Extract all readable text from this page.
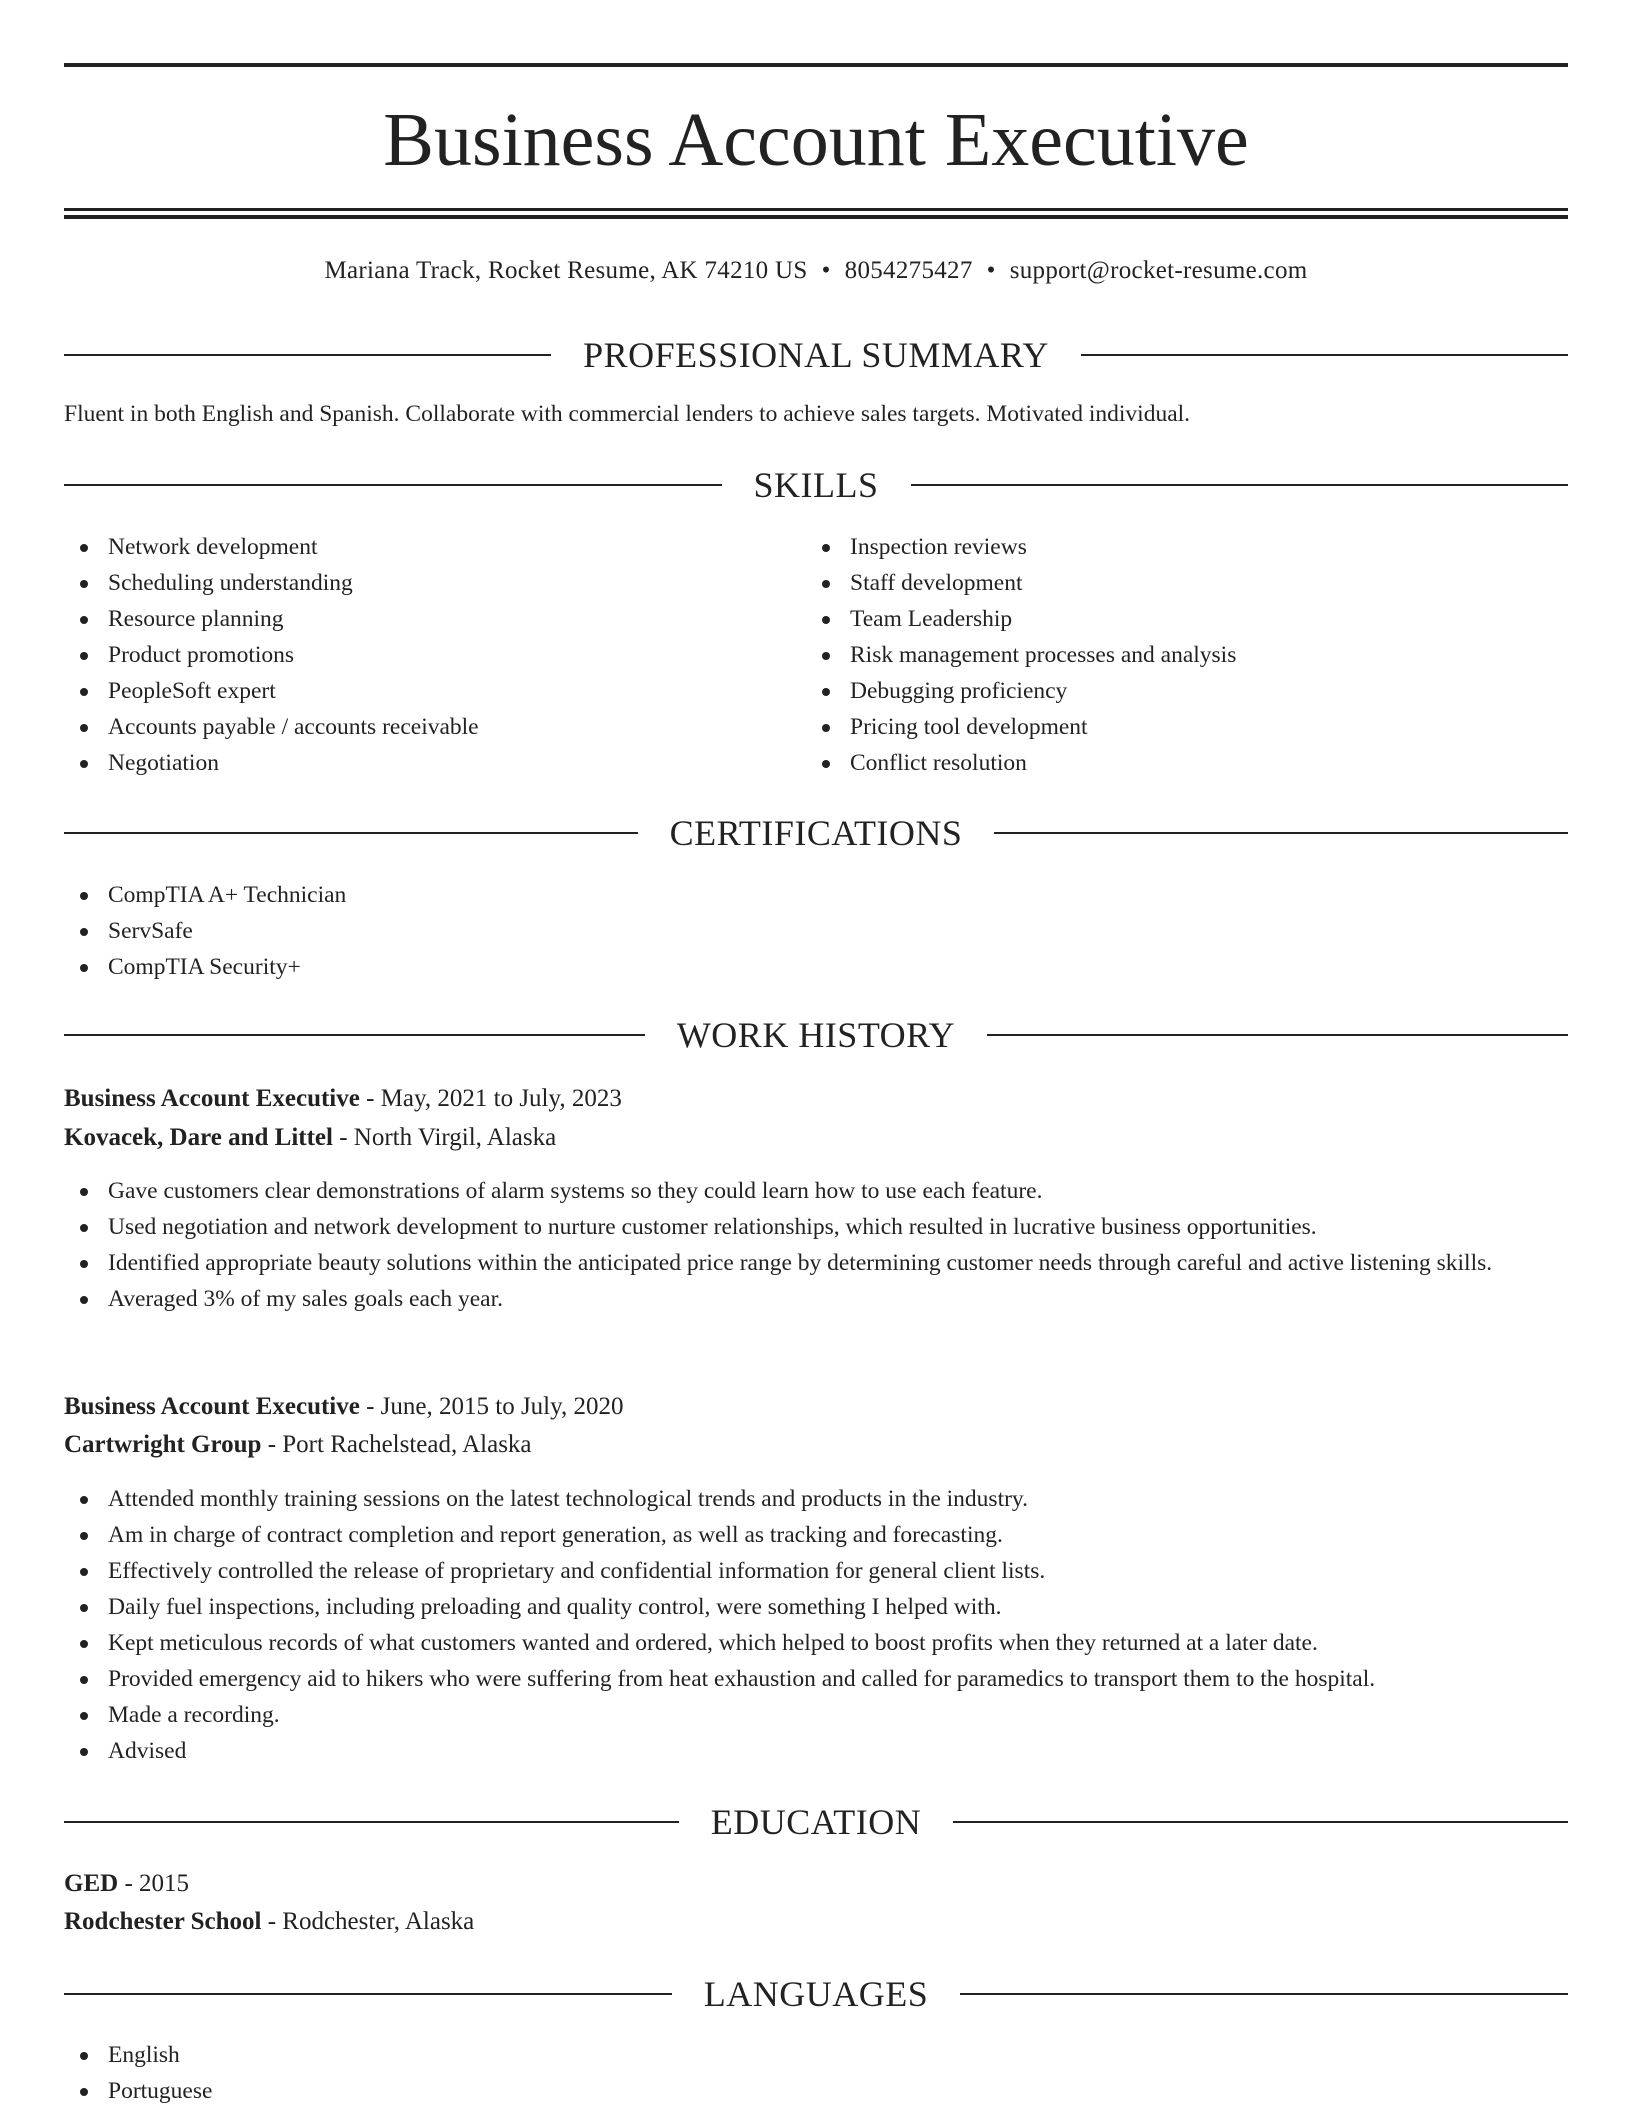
Business Account Executive
Mariana Track, Rocket Resume, AK 74210 US • 8054275427 • support@rocket-resume.com
PROFESSIONAL SUMMARY
Fluent in both English and Spanish. Collaborate with commercial lenders to achieve sales targets. Motivated individual.
SKILLS
Network development
Scheduling understanding
Resource planning
Product promotions
PeopleSoft expert
Accounts payable / accounts receivable
Negotiation
Inspection reviews
Staff development
Team Leadership
Risk management processes and analysis
Debugging proficiency
Pricing tool development
Conflict resolution
CERTIFICATIONS
CompTIA A+ Technician
ServSafe
CompTIA Security+
WORK HISTORY
Business Account Executive - May, 2021 to July, 2023
Kovacek, Dare and Littel - North Virgil, Alaska
Gave customers clear demonstrations of alarm systems so they could learn how to use each feature.
Used negotiation and network development to nurture customer relationships, which resulted in lucrative business opportunities.
Identified appropriate beauty solutions within the anticipated price range by determining customer needs through careful and active listening skills.
Averaged 3% of my sales goals each year.
Business Account Executive - June, 2015 to July, 2020
Cartwright Group - Port Rachelstead, Alaska
Attended monthly training sessions on the latest technological trends and products in the industry.
Am in charge of contract completion and report generation, as well as tracking and forecasting.
Effectively controlled the release of proprietary and confidential information for general client lists.
Daily fuel inspections, including preloading and quality control, were something I helped with.
Kept meticulous records of what customers wanted and ordered, which helped to boost profits when they returned at a later date.
Provided emergency aid to hikers who were suffering from heat exhaustion and called for paramedics to transport them to the hospital.
Made a recording.
Advised
EDUCATION
GED - 2015
Rodchester School - Rodchester, Alaska
LANGUAGES
English
Portuguese
